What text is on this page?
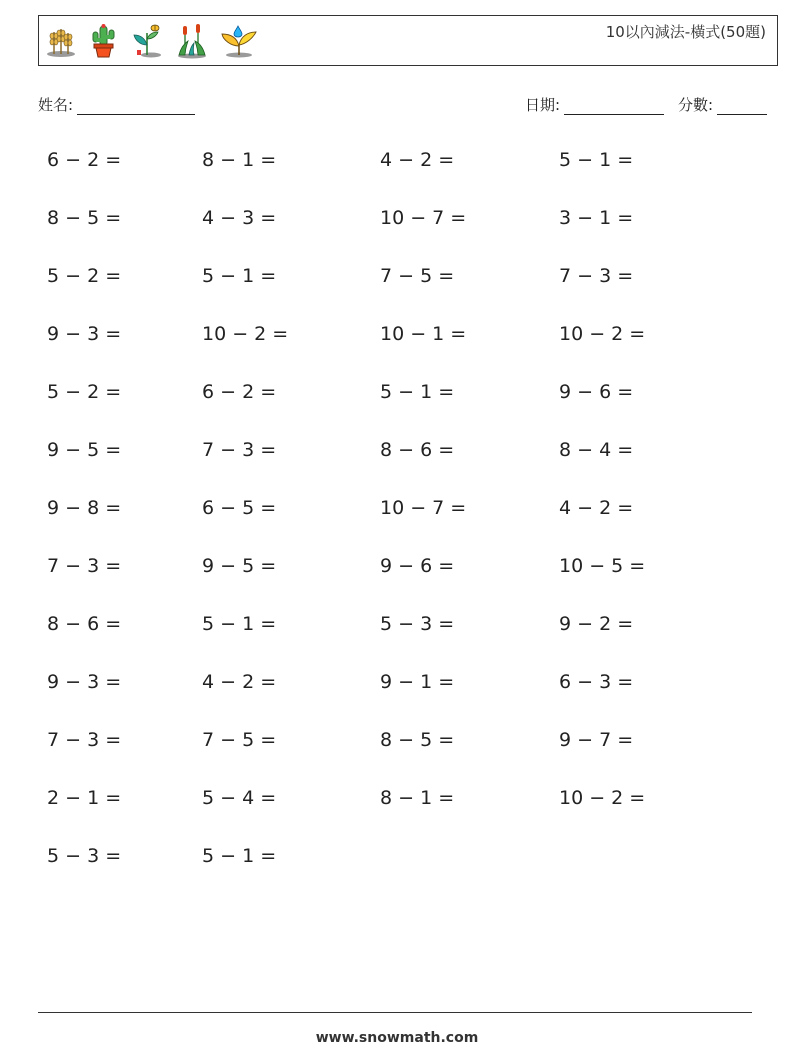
10以內減法-橫式(50題)
姓名:	日期:	分數:
6 − 2 =	8 − 1 =	4 − 2 =	5 − 1 =
8 − 5 =	4 − 3 =	10 − 7 =	3 − 1 =
5 − 2 =	5 − 1 =	7 − 5 =	7 − 3 =
9 − 3 =	10 − 2 =	10 − 1 =	10 − 2 =
5 − 2 =	6 − 2 =	5 − 1 =	9 − 6 =
9 − 5 =	7 − 3 =	8 − 6 =	8 − 4 =
9 − 8 =	6 − 5 =	10 − 7 =	4 − 2 =
7 − 3 =	9 − 5 =	9 − 6 =	10 − 5 =
8 − 6 =	5 − 1 =	5 − 3 =	9 − 2 =
9 − 3 =	4 − 2 =	9 − 1 =	6 − 3 =
7 − 3 =	7 − 5 =	8 − 5 =	9 − 7 =
2 − 1 =	5 − 4 =	8 − 1 =	10 − 2 =
5 − 3 =	5 − 1 =
www.snowmath.com
